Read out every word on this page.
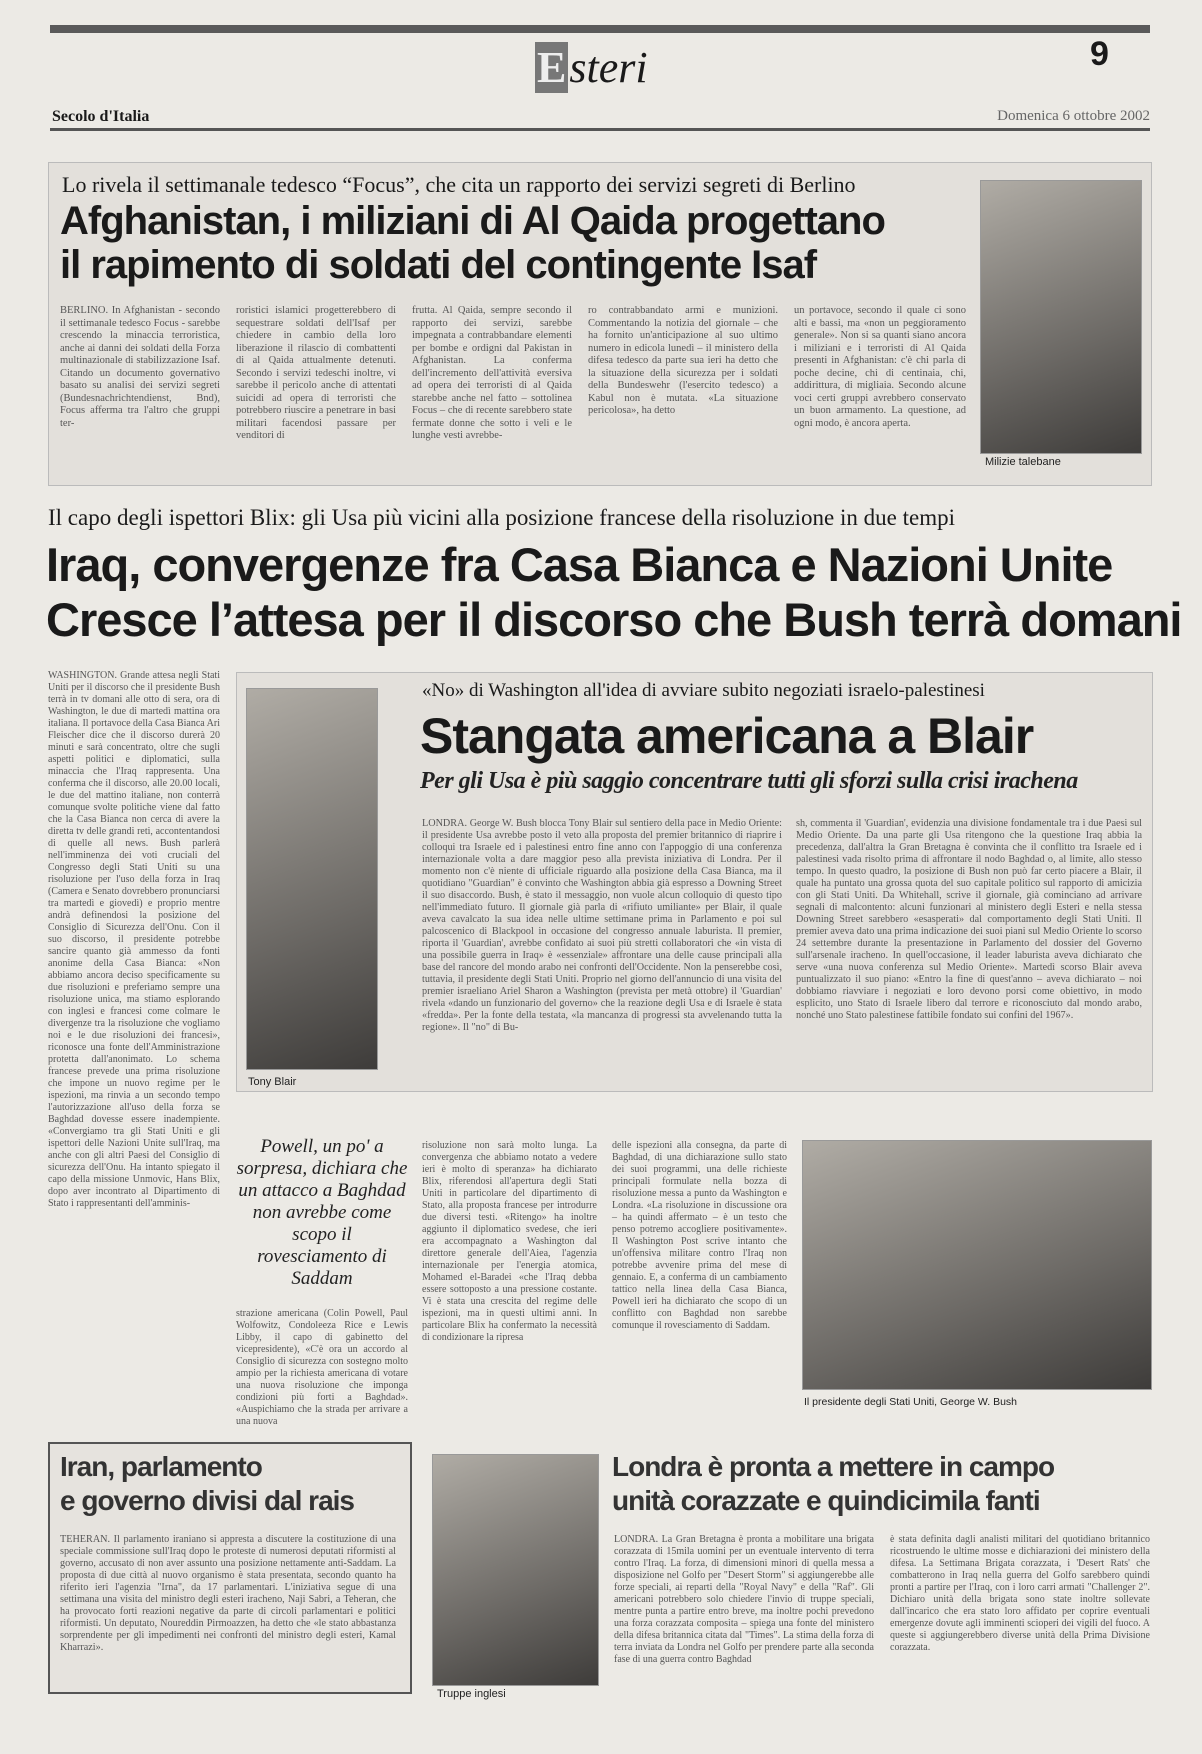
Esteri	9
Secolo d'Italia	Domenica 6 ottobre 2002
Lo rivela il settimanale tedesco “Focus”, che cita un rapporto dei servizi segreti di Berlino
Afghanistan, i miliziani di Al Qaida progettano
il rapimento di soldati del contingente Isaf
Milizie talebane
BERLINO. In Afghanistan - secondo il settimanale tedesco Focus - sarebbe crescendo la minaccia terroristica, anche ai danni dei soldati della Forza multinazionale di stabilizzazione Isaf. Citando un documento governativo basato su analisi dei servizi segreti (Bundesnachrichtendienst, Bnd), Focus afferma tra l'altro che gruppi ter-
roristici islamici progetterebbero di sequestrare soldati dell'Isaf per chiedere in cambio della loro liberazione il rilascio di combattenti di al Qaida attualmente detenuti. Secondo i servizi tedeschi inoltre, vi sarebbe il pericolo anche di attentati suicidi ad opera di terroristi che potrebbero riuscire a penetrare in basi militari facendosi passare per venditori di
frutta. Al Qaida, sempre secondo il rapporto dei servizi, sarebbe impegnata a contrabbandare elementi per bombe e ordigni dal Pakistan in Afghanistan. La conferma dell'incremento dell'attività eversiva ad opera dei terroristi di al Qaida starebbe anche nel fatto – sottolinea Focus – che di recente sarebbero state fermate donne che sotto i veli e le lunghe vesti avrebbe-
ro contrabbandato armi e munizioni. Commentando la notizia del giornale – che ha fornito un'anticipazione al suo ultimo numero in edicola lunedì – il ministero della difesa tedesco da parte sua ieri ha detto che la situazione della sicurezza per i soldati della Bundeswehr (l'esercito tedesco) a Kabul non è mutata. «La situazione pericolosa», ha detto
un portavoce, secondo il quale ci sono alti e bassi, ma «non un peggioramento generale». Non si sa quanti siano ancora i miliziani e i terroristi di Al Qaida presenti in Afghanistan: c'è chi parla di poche decine, chi di centinaia, chi, addirittura, di migliaia. Secondo alcune voci certi gruppi avrebbero conservato un buon armamento. La questione, ad ogni modo, è ancora aperta.
Il capo degli ispettori Blix: gli Usa più vicini alla posizione francese della risoluzione in due tempi
Iraq, convergenze fra Casa Bianca e Nazioni Unite
Cresce l’attesa per il discorso che Bush terrà domani
WASHINGTON. Grande attesa negli Stati Uniti per il discorso che il presidente Bush terrà in tv domani alle otto di sera, ora di Washington, le due di martedì mattina ora italiana. Il portavoce della Casa Bianca Ari Fleischer dice che il discorso durerà 20 minuti e sarà concentrato, oltre che sugli aspetti politici e diplomatici, sulla minaccia che l'Iraq rappresenta. Una conferma che il discorso, alle 20.00 locali, le due del mattino italiane, non conterrà comunque svolte politiche viene dal fatto che la Casa Bianca non cerca di avere la diretta tv delle grandi reti, accontentandosi di quelle all news. Bush parlerà nell'imminenza dei voti cruciali del Congresso degli Stati Uniti su una risoluzione per l'uso della forza in Iraq (Camera e Senato dovrebbero pronunciarsi tra martedì e giovedì) e proprio mentre andrà definendosi la posizione del Consiglio di Sicurezza dell'Onu. Con il suo discorso, il presidente potrebbe sancire quanto già ammesso da fonti anonime della Casa Bianca: «Non abbiamo ancora deciso specificamente su due risoluzioni e preferiamo sempre una risoluzione unica, ma stiamo esplorando con inglesi e francesi come colmare le divergenze tra la risoluzione che vogliamo noi e le due risoluzioni dei francesi», riconosce una fonte dell'Amministrazione protetta dall'anonimato. Lo schema francese prevede una prima risoluzione che impone un nuovo regime per le ispezioni, ma rinvia a un secondo tempo l'autorizzazione all'uso della forza se Baghdad dovesse essere inadempiente. «Convergiamo tra gli Stati Uniti e gli ispettori delle Nazioni Unite sull'Iraq, ma anche con gli altri Paesi del Consiglio di sicurezza dell'Onu. Ha intanto spiegato il capo della missione Unmovic, Hans Blix, dopo aver incontrato al Dipartimento di Stato i rappresentanti dell'amminis-
Tony Blair
«No» di Washington all'idea di avviare subito negoziati israelo-palestinesi
Stangata americana a Blair
Per gli Usa è più saggio concentrare tutti gli sforzi sulla crisi irachena
LONDRA. George W. Bush blocca Tony Blair sul sentiero della pace in Medio Oriente: il presidente Usa avrebbe posto il veto alla proposta del premier britannico di riaprire i colloqui tra Israele ed i palestinesi entro fine anno con l'appoggio di una conferenza internazionale volta a dare maggior peso alla prevista iniziativa di Londra. Per il momento non c'è niente di ufficiale riguardo alla posizione della Casa Bianca, ma il quotidiano "Guardian" è convinto che Washington abbia già espresso a Downing Street il suo disaccordo. Bush, è stato il messaggio, non vuole alcun colloquio di questo tipo nell'immediato futuro. Il giornale già parla di «rifiuto umiliante» per Blair, il quale aveva cavalcato la sua idea nelle ultime settimane prima in Parlamento e poi sul palcoscenico di Blackpool in occasione del congresso annuale laburista. Il premier, riporta il 'Guardian', avrebbe confidato ai suoi più stretti collaboratori che «in vista di una possibile guerra in Iraq» è «essenziale» affrontare una delle cause principali alla base del rancore del mondo arabo nei confronti dell'Occidente. Non la penserebbe così, tuttavia, il presidente degli Stati Uniti. Proprio nel giorno dell'annuncio di una visita del premier israeliano Ariel Sharon a Washington (prevista per metà ottobre) il 'Guardian' rivela «dando un funzionario del governo» che la reazione degli Usa e di Israele è stata «fredda». Per la fonte della testata, «la mancanza di progressi sta avvelenando tutta la regione». Il "no" di Bu-
sh, commenta il 'Guardian', evidenzia una divisione fondamentale tra i due Paesi sul Medio Oriente. Da una parte gli Usa ritengono che la questione Iraq abbia la precedenza, dall'altra la Gran Bretagna è convinta che il conflitto tra Israele ed i palestinesi vada risolto prima di affrontare il nodo Baghdad o, al limite, allo stesso tempo. In questo quadro, la posizione di Bush non può far certo piacere a Blair, il quale ha puntato una grossa quota del suo capitale politico sul rapporto di amicizia con gli Stati Uniti. Da Whitehall, scrive il giornale, già cominciano ad arrivare segnali di malcontento: alcuni funzionari al ministero degli Esteri e nella stessa Downing Street sarebbero «esasperati» dal comportamento degli Stati Uniti. Il premier aveva dato una prima indicazione dei suoi piani sul Medio Oriente lo scorso 24 settembre durante la presentazione in Parlamento del dossier del Governo sull'arsenale iracheno. In quell'occasione, il leader laburista aveva dichiarato che serve «una nuova conferenza sul Medio Oriente». Martedì scorso Blair aveva puntualizzato il suo piano: «Entro la fine di quest'anno – aveva dichiarato – noi dobbiamo riavviare i negoziati e loro devono porsi come obiettivo, in modo esplicito, uno Stato di Israele libero dal terrore e riconosciuto dal mondo arabo, nonché uno Stato palestinese fattibile fondato sui confini del 1967».
Powell, un po' a sorpresa, dichiara che un attacco a Baghdad non avrebbe come scopo il rovesciamento di Saddam
strazione americana (Colin Powell, Paul Wolfowitz, Condoleeza Rice e Lewis Libby, il capo di gabinetto del vicepresidente), «C'è ora un accordo al Consiglio di sicurezza con sostegno molto ampio per la richiesta americana di votare una nuova risoluzione che imponga condizioni più forti a Baghdad». «Auspichiamo che la strada per arrivare a una nuova
risoluzione non sarà molto lunga. La convergenza che abbiamo notato a vedere ieri è molto di speranza» ha dichiarato Blix, riferendosi all'apertura degli Stati Uniti in particolare del dipartimento di Stato, alla proposta francese per introdurre due diversi testi. «Ritengo» ha inoltre aggiunto il diplomatico svedese, che ieri era accompagnato a Washington dal direttore generale dell'Aiea, l'agenzia internazionale per l'energia atomica, Mohamed el-Baradei «che l'Iraq debba essere sottoposto a una pressione costante. Vi è stata una crescita del regime delle ispezioni, ma in questi ultimi anni. In particolare Blix ha confermato la necessità di condizionare la ripresa
delle ispezioni alla consegna, da parte di Baghdad, di una dichiarazione sullo stato dei suoi programmi, una delle richieste principali formulate nella bozza di risoluzione messa a punto da Washington e Londra. «La risoluzione in discussione ora – ha quindi affermato – è un testo che penso potremo accogliere positivamente». Il Washington Post scrive intanto che un'offensiva militare contro l'Iraq non potrebbe avvenire prima del mese di gennaio. E, a conferma di un cambiamento tattico nella linea della Casa Bianca, Powell ieri ha dichiarato che scopo di un conflitto con Baghdad non sarebbe comunque il rovesciamento di Saddam.
Il presidente degli Stati Uniti, George W. Bush
Iran, parlamento
e governo divisi dal rais
TEHERAN. Il parlamento iraniano si appresta a discutere la costituzione di una speciale commissione sull'Iraq dopo le proteste di numerosi deputati riformisti al governo, accusato di non aver assunto una posizione nettamente anti-Saddam. La proposta di due città al nuovo organismo è stata presentata, secondo quanto ha riferito ieri l'agenzia "Irna", da 17 parlamentari. L'iniziativa segue di una settimana una visita del ministro degli esteri iracheno, Naji Sabri, a Teheran, che ha provocato forti reazioni negative da parte di circoli parlamentari e politici riformisti. Un deputato, Noureddin Pirmoazzen, ha detto che «le stato abbastanza sorprendente per gli impedimenti nei confronti del ministro degli esteri, Kamal Kharrazi».
Truppe inglesi
Londra è pronta a mettere in campo
unità corazzate e quindicimila fanti
LONDRA. La Gran Bretagna è pronta a mobilitare una brigata corazzata di 15mila uomini per un eventuale intervento di terra contro l'Iraq. La forza, di dimensioni minori di quella messa a disposizione nel Golfo per "Desert Storm" si aggiungerebbe alle forze speciali, ai reparti della "Royal Navy" e della "Raf". Gli americani potrebbero solo chiedere l'invio di truppe speciali, mentre punta a partire entro breve, ma inoltre pochi prevedono una forza corazzata composita – spiega una fonte del ministero della difesa britannica citata dal "Times". La stima della forza di terra inviata da Londra nel Golfo per prendere parte alla seconda fase di una guerra contro Baghdad
è stata definita dagli analisti militari del quotidiano britannico ricostruendo le ultime mosse e dichiarazioni dei ministero della difesa. La Settimana Brigata corazzata, i 'Desert Rats' che combatterono in Iraq nella guerra del Golfo sarebbero quindi pronti a partire per l'Iraq, con i loro carri armati "Challenger 2". Dichiaro unità della brigata sono state inoltre sollevate dall'incarico che era stato loro affidato per coprire eventuali emergenze dovute agli imminenti scioperi dei vigili del fuoco. A queste si aggiungerebbero diverse unità della Prima Divisione corazzata.
